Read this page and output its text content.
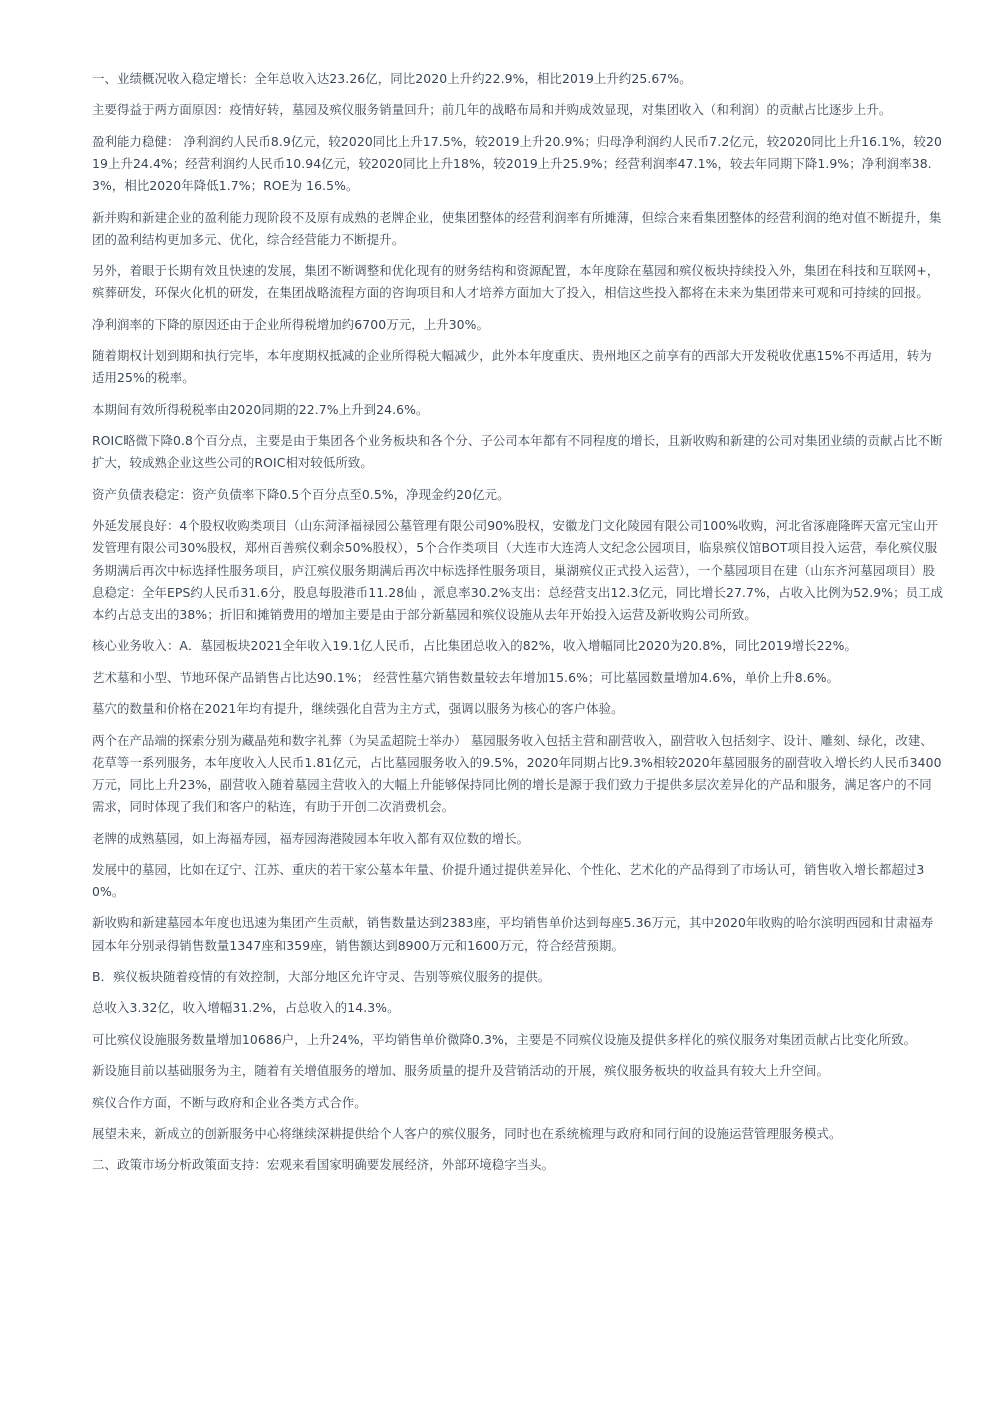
一、业绩概况收入稳定增长：全年总收入达23.26亿，同比2020上升约22.9%，相比2019上升约25.67%。

主要得益于两方面原因：疫情好转，墓园及殡仪服务销量回升；前几年的战略布局和并购成效显现，对集团收入（和利润）的贡献占比逐步上升。

盈利能力稳健： 净利润约人民币8.9亿元，较2020同比上升17.5%，较2019上升20.9%；归母净利润约人民币7.2亿元，较2020同比上升16.1%，较2019上升24.4%；经营利润约人民币10.94亿元，较2020同比上升18%，较2019上升25.9%；经营利润率47.1%，较去年同期下降1.9%；净利润率38.3%，相比2020年降低1.7%；ROE为 16.5%。

新并购和新建企业的盈利能力现阶段不及原有成熟的老牌企业，使集团整体的经营利润率有所摊薄，但综合来看集团整体的经营利润的绝对值不断提升，集团的盈利结构更加多元、优化，综合经营能力不断提升。

另外，着眼于长期有效且快速的发展，集团不断调整和优化现有的财务结构和资源配置，本年度除在墓园和殡仪板块持续投入外，集团在科技和互联网+，殡葬研发，环保火化机的研发，在集团战略流程方面的咨询项目和人才培养方面加大了投入，相信这些投入都将在未来为集团带来可观和可持续的回报。

净利润率的下降的原因还由于企业所得税增加约6700万元，上升30%。

随着期权计划到期和执行完毕，本年度期权抵减的企业所得税大幅减少，此外本年度重庆、贵州地区之前享有的西部大开发税收优惠15%不再适用，转为适用25%的税率。

本期间有效所得税税率由2020同期的22.7%上升到24.6%。

ROIC略微下降0.8个百分点，主要是由于集团各个业务板块和各个分、子公司本年都有不同程度的增长，且新收购和新建的公司对集团业绩的贡献占比不断扩大，较成熟企业这些公司的ROIC相对较低所致。

资产负债表稳定：资产负债率下降0.5个百分点至0.5%，净现金约20亿元。

外延发展良好：4个股权收购类项目（山东菏泽福禄园公墓管理有限公司90%股权，安徽龙门文化陵园有限公司100%收购，河北省涿鹿隆晖天富元宝山开发管理有限公司30%股权，郑州百善殡仪剩余50%股权），5个合作类项目（大连市大连湾人文纪念公园项目，临泉殡仪馆BOT项目投入运营，奉化殡仪服务期满后再次中标选择性服务项目，庐江殡仪服务期满后再次中标选择性服务项目，巢湖殡仪正式投入运营），一个墓园项目在建（山东齐河墓园项目）股息稳定：全年EPS约人民币31.6分，股息每股港币11.28仙 ，派息率30.2%支出：总经营支出12.3亿元，同比增长27.7%，占收入比例为52.9%；员工成本约占总支出的38%；折旧和摊销费用的增加主要是由于部分新墓园和殡仪设施从去年开始投入运营及新收购公司所致。

核心业务收入：A．墓园板块2021全年收入19.1亿人民币，占比集团总收入的82%，收入增幅同比2020为20.8%，同比2019增长22%。

艺术墓和小型、节地环保产品销售占比达90.1%； 经营性墓穴销售数量较去年增加15.6%；可比墓园数量增加4.6%，单价上升8.6%。

墓穴的数量和价格在2021年均有提升，继续强化自营为主方式，强调以服务为核心的客户体验。

两个在产品端的探索分别为藏晶苑和数字礼葬（为吴孟超院士举办） 墓园服务收入包括主营和副营收入，副营收入包括刻字、设计、雕刻、绿化，改建、花草等一系列服务，本年度收入人民币1.81亿元，占比墓园服务收入的9.5%，2020年同期占比9.3%相较2020年墓园服务的副营收入增长约人民币3400万元，同比上升23%，副营收入随着墓园主营收入的大幅上升能够保持同比例的增长是源于我们致力于提供多层次差异化的产品和服务，满足客户的不同需求，同时体现了我们和客户的粘连，有助于开创二次消费机会。

老牌的成熟墓园，如上海福寿园，福寿园海港陵园本年收入都有双位数的增长。

发展中的墓园，比如在辽宁、江苏、重庆的若干家公墓本年量、价提升通过提供差异化、个性化、艺术化的产品得到了市场认可，销售收入增长都超过30%。

新收购和新建墓园本年度也迅速为集团产生贡献，销售数量达到2383座，平均销售单价达到每座5.36万元，其中2020年收购的哈尔滨明西园和甘肃福寿园本年分别录得销售数量1347座和359座，销售额达到8900万元和1600万元，符合经营预期。

B．殡仪板块随着疫情的有效控制，大部分地区允许守灵、告别等殡仪服务的提供。

总收入3.32亿，收入增幅31.2%，占总收入的14.3%。

可比殡仪设施服务数量增加10686户，上升24%，平均销售单价微降0.3%，主要是不同殡仪设施及提供多样化的殡仪服务对集团贡献占比变化所致。

新设施目前以基础服务为主，随着有关增值服务的增加、服务质量的提升及营销活动的开展，殡仪服务板块的收益具有较大上升空间。

殡仪合作方面，不断与政府和企业各类方式合作。

展望未来，新成立的创新服务中心将继续深耕提供给个人客户的殡仪服务，同时也在系统梳理与政府和同行间的设施运营管理服务模式。

二、政策市场分析政策面支持：宏观来看国家明确要发展经济，外部环境稳字当头。
